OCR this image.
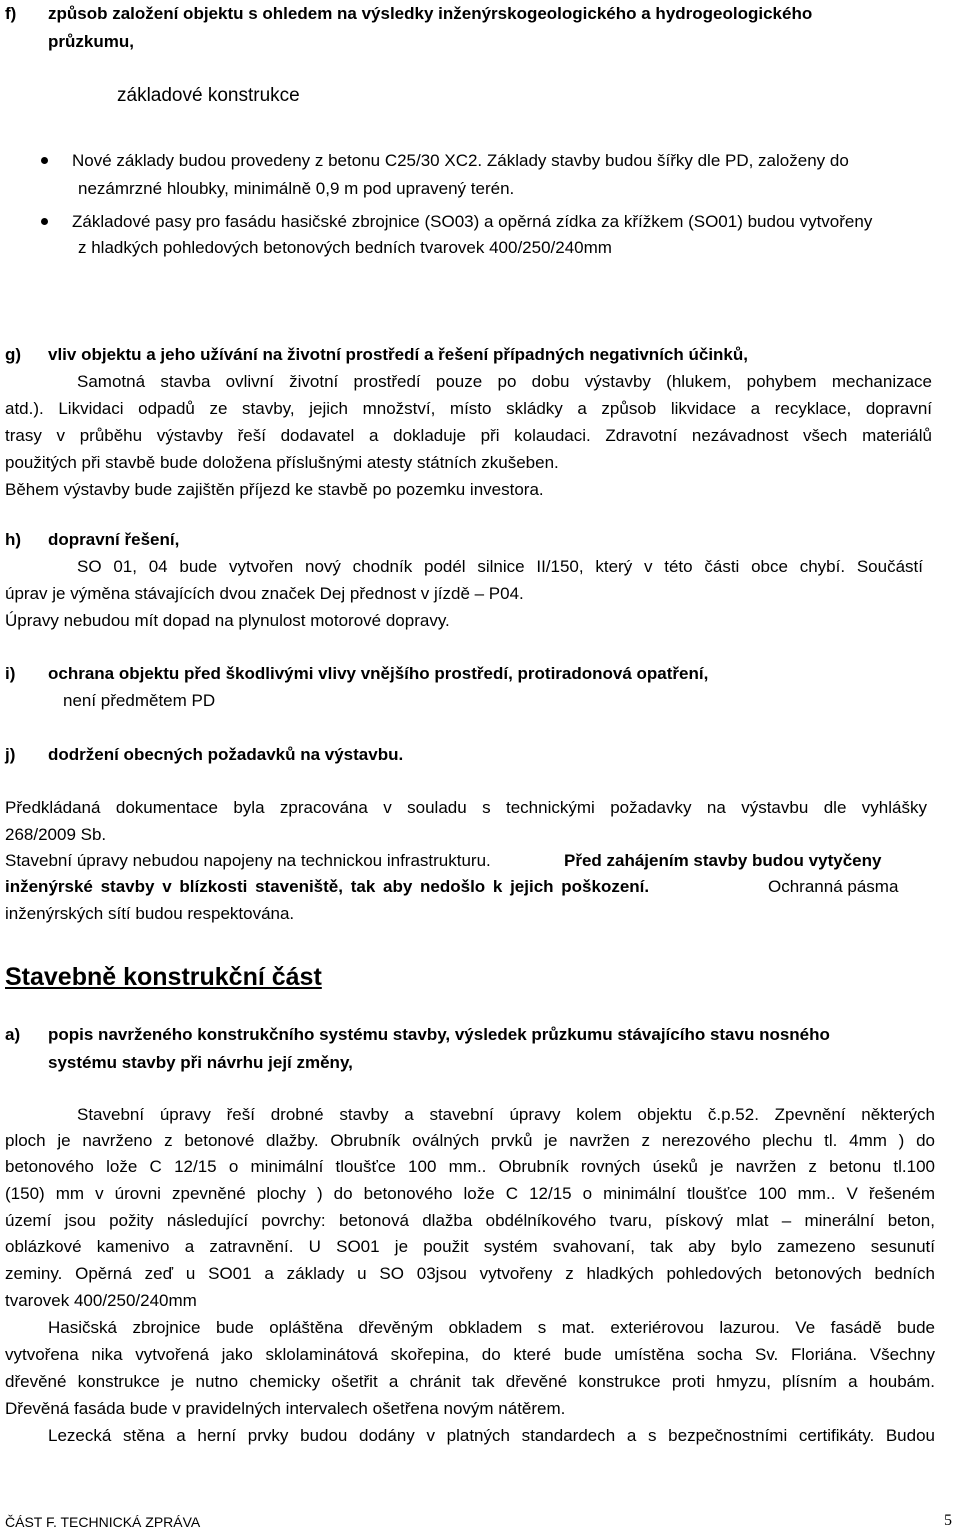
f) způsob založení objektu s ohledem na výsledky inženýrskogeologického a hydrogeologického
průzkumu,
základové konstrukce
Nové základy budou provedeny z betonu C25/30 XC2. Základy stavby budou šířky dle PD, založeny do
nezámrzné hloubky, minimálně 0,9 m pod upravený terén.
Základové pasy pro fasádu hasičské zbrojnice (SO03) a opěrná zídka za křížkem (SO01) budou vytvořeny
z hladkých pohledových betonových bedních tvarovek 400/250/240mm
g) vliv objektu a jeho užívání na životní prostředí a řešení případných negativních účinků,
Samotná stavba ovlivní životní prostředí pouze po dobu výstavby (hlukem, pohybem mechanizace
atd.). Likvidaci odpadů ze stavby, jejich množství, místo skládky a způsob likvidace a recyklace, dopravní
trasy v průběhu výstavby řeší dodavatel a dokladuje při kolaudaci. Zdravotní nezávadnost všech materiálů
použitých při stavbě bude doložena příslušnými atesty státních zkušeben.
Během výstavby bude zajištěn příjezd ke stavbě po pozemku investora.
h) dopravní řešení,
SO 01, 04 bude vytvořen nový chodník podél silnice II/150, který v této části obce chybí. Součástí
úprav je výměna stávajících dvou značek Dej přednost v jízdě – P04.
Úpravy nebudou mít dopad na plynulost motorové dopravy.
i) ochrana objektu před škodlivými vlivy vnějšího prostředí, protiradonová opatření,
není předmětem PD
j) dodržení obecných požadavků na výstavbu.
Předkládaná dokumentace byla zpracována v souladu s technickými požadavky na výstavbu dle vyhlášky
268/2009 Sb.
Stavební úpravy nebudou napojeny na technickou infrastrukturu.	Před zahájením stavby budou vytyčeny
inženýrské stavby v blízkosti staveniště, tak aby nedošlo k jejich poškození.	Ochranná pásma
inženýrských sítí budou respektována.
Stavebně konstrukční část
a) popis navrženého konstrukčního systému stavby, výsledek průzkumu stávajícího stavu nosného
systému stavby při návrhu její změny,
Stavební úpravy řeší drobné stavby a stavební úpravy kolem objektu č.p.52. Zpevnění některých
ploch je navrženo z betonové dlažby. Obrubník oválných prvků je navržen z nerezového plechu tl. 4mm ) do
betonového lože C 12/15 o minimální tloušťce 100 mm.. Obrubník rovných úseků je navržen z betonu tl.100
(150) mm v úrovni zpevněné plochy ) do betonového lože C 12/15 o minimální tloušťce 100 mm.. V řešeném
území jsou požity následující povrchy: betonová dlažba obdélníkového tvaru, pískový mlat – minerální beton,
oblázkové kamenivo a zatravnění. U SO01 je použit systém svahovaní, tak aby bylo zamezeno sesunutí
zeminy. Opěrná zeď u SO01 a základy u SO 03jsou vytvořeny z hladkých pohledových betonových bedních
tvarovek 400/250/240mm
Hasičská zbrojnice bude opláštěna dřevěným obkladem s mat. exteriérovou lazurou. Ve fasádě bude
vytvořena nika vytvořená jako sklolaminátová skořepina, do které bude umístěna socha Sv. Floriána. Všechny
dřevěné konstrukce je nutno chemicky ošetřit a chránit tak dřevěné konstrukce proti hmyzu, plísním a houbám.
Dřevěná fasáda bude v pravidelných intervalech ošetřena novým nátěrem.
Lezecká stěna a herní prvky budou dodány v platných standardech a s bezpečnostními certifikáty. Budou
ČÁST F. TECHNICKÁ ZPRÁVA	5
